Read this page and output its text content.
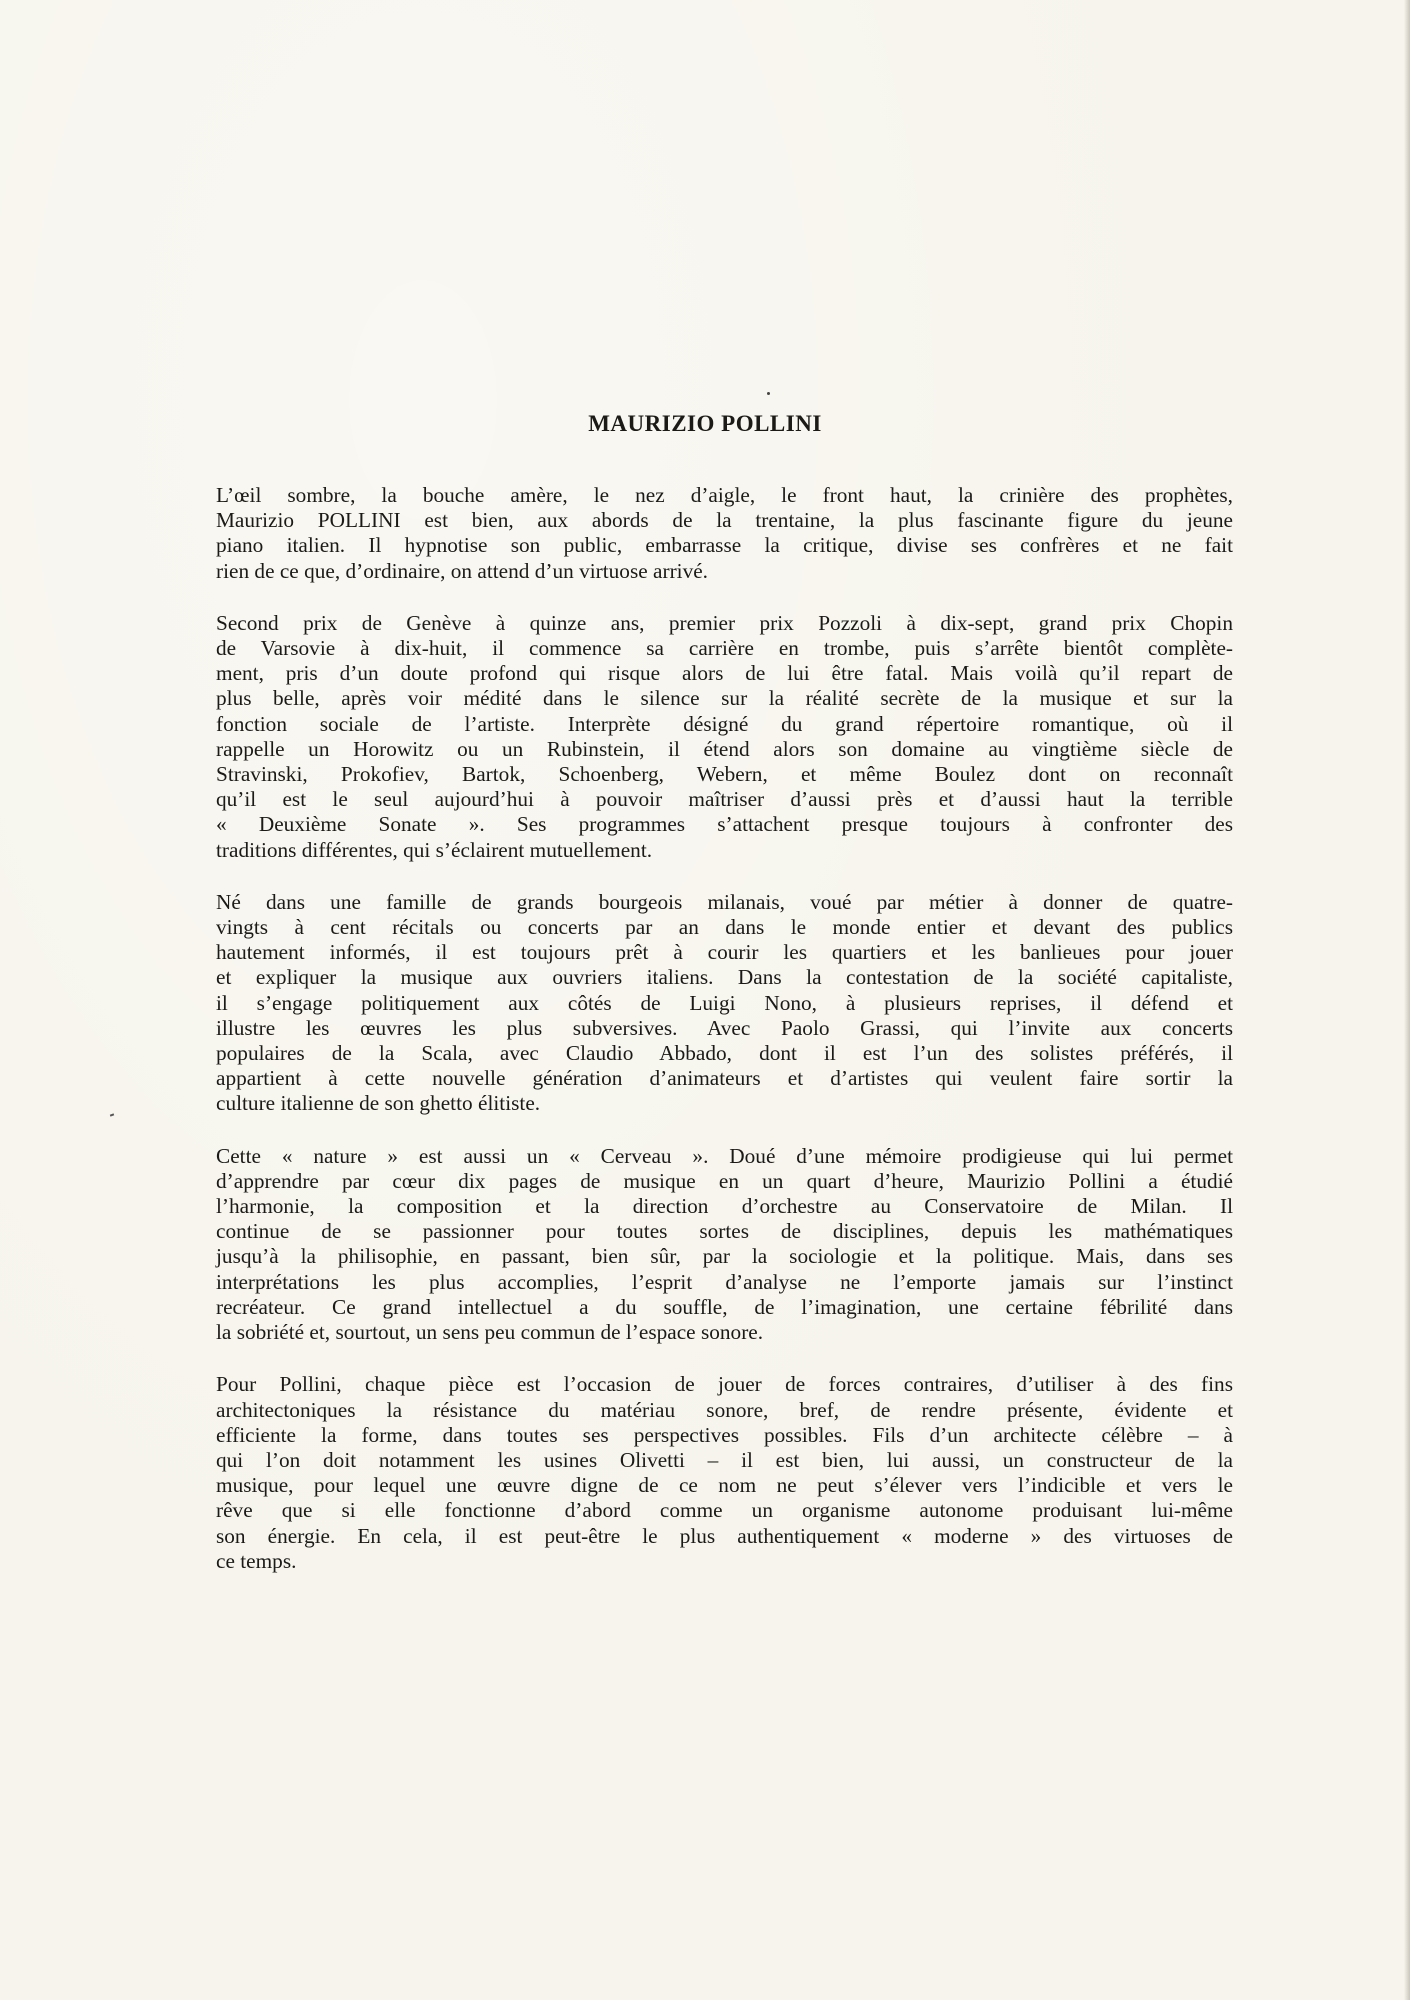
MAURIZIO POLLINI
L’œil sombre, la bouche amère, le nez d’aigle, le front haut, la crinière des prophètes,
Maurizio POLLINI est bien, aux abords de la trentaine, la plus fascinante figure du jeune
piano italien. Il hypnotise son public, embarrasse la critique, divise ses confrères et ne fait
rien de ce que, d’ordinaire, on attend d’un virtuose arrivé.
Second prix de Genève à quinze ans, premier prix Pozzoli à dix-sept, grand prix Chopin
de Varsovie à dix-huit, il commence sa carrière en trombe, puis s’arrête bientôt complète-
ment, pris d’un doute profond qui risque alors de lui être fatal. Mais voilà qu’il repart de
plus belle, après voir médité dans le silence sur la réalité secrète de la musique et sur la
fonction sociale de l’artiste. Interprète désigné du grand répertoire romantique, où il
rappelle un Horowitz ou un Rubinstein, il étend alors son domaine au vingtième siècle de
Stravinski, Prokofiev, Bartok, Schoenberg, Webern, et même Boulez dont on reconnaît
qu’il est le seul aujourd’hui à pouvoir maîtriser d’aussi près et d’aussi haut la terrible
« Deuxième Sonate ». Ses programmes s’attachent presque toujours à confronter des
traditions différentes, qui s’éclairent mutuellement.
Né dans une famille de grands bourgeois milanais, voué par métier à donner de quatre-
vingts à cent récitals ou concerts par an dans le monde entier et devant des publics
hautement informés, il est toujours prêt à courir les quartiers et les banlieues pour jouer
et expliquer la musique aux ouvriers italiens. Dans la contestation de la société capitaliste,
il s’engage politiquement aux côtés de Luigi Nono, à plusieurs reprises, il défend et
illustre les œuvres les plus subversives. Avec Paolo Grassi, qui l’invite aux concerts
populaires de la Scala, avec Claudio Abbado, dont il est l’un des solistes préférés, il
appartient à cette nouvelle génération d’animateurs et d’artistes qui veulent faire sortir la
culture italienne de son ghetto élitiste.
Cette « nature » est aussi un « Cerveau ». Doué d’une mémoire prodigieuse qui lui permet
d’apprendre par cœur dix pages de musique en un quart d’heure, Maurizio Pollini a étudié
l’harmonie, la composition et la direction d’orchestre au Conservatoire de Milan. Il
continue de se passionner pour toutes sortes de disciplines, depuis les mathématiques
jusqu’à la philisophie, en passant, bien sûr, par la sociologie et la politique. Mais, dans ses
interprétations les plus accomplies, l’esprit d’analyse ne l’emporte jamais sur l’instinct
recréateur. Ce grand intellectuel a du souffle, de l’imagination, une certaine fébrilité dans
la sobriété et, sourtout, un sens peu commun de l’espace sonore.
Pour Pollini, chaque pièce est l’occasion de jouer de forces contraires, d’utiliser à des fins
architectoniques la résistance du matériau sonore, bref, de rendre présente, évidente et
efficiente la forme, dans toutes ses perspectives possibles. Fils d’un architecte célèbre – à
qui l’on doit notamment les usines Olivetti – il est bien, lui aussi, un constructeur de la
musique, pour lequel une œuvre digne de ce nom ne peut s’élever vers l’indicible et vers le
rêve que si elle fonctionne d’abord comme un organisme autonome produisant lui-même
son énergie. En cela, il est peut-être le plus authentiquement « moderne » des virtuoses de
ce temps.
